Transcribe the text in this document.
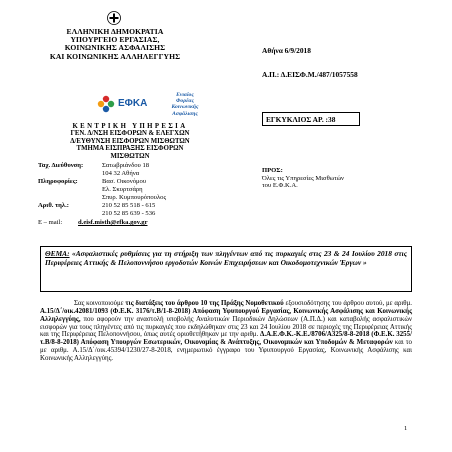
ΕΛΛΗΝΙΚΗ ΔΗΜΟΚΡΑΤΙΑ
ΥΠΟΥΡΓΕΙΟ ΕΡΓΑΣΙΑΣ,
ΚΟΙΝΩΝΙΚΗΣ ΑΣΦΑΛΙΣΗΣ
ΚΑΙ ΚΟΙΝΩΝΙΚΗΣ ΑΛΛΗΛΕΓΓΥΗΣ
Αθήνα 6/9/2018
Α.Π.: Δ.ΕΙΣΦ.Μ./487/1057558
ΕΦΚΑ
Ενιαίος
Φορέας
Κοινωνικής
Ασφάλισης
ΕΓΚΥΚΛΙΟΣ ΑΡ. :38
ΚΕΝΤΡΙΚΗ ΥΠΗΡΕΣΙΑ
ΓΕΝ. Δ/ΝΣΗ ΕΙΣΦΟΡΩΝ & ΕΛΕΓΧΩΝ
Δ/ΕΥΘΥΝΣΗ ΕΙΣΦΟΡΩΝ ΜΙΣΘΩΤΩΝ
ΤΜΗΜΑ ΕΙΣΠΡΑΞΗΣ ΕΙΣΦΟΡΩΝ
ΜΙΣΘΩΤΩΝ
Ταχ. Διεύθυνση:	Σατωβριάνδου 18
104 32 Αθήνα
Πληροφορίες:	Βασ. Οικονόμου
Ελ. Σκυρτσάρη
Σπυρ. Κυμπουρόπουλος
Αριθ. τηλ.:	210 52 85 518 - 615
210 52 85 639 - 536
E – mail: d.eisf.misth@efka.gov.gr
ΠΡΟΣ:
Όλες τις Υπηρεσίες Μισθωτών
του Ε.Φ.Κ.Α.
ΘΕΜΑ: «Ασφαλιστικές ρυθμίσεις για τη στήριξη των πληγέντων από τις πυρκαγιές στις 23 & 24 Ιουλίου 2018 στις Περιφέρειες Αττικής & Πελοποννήσου εργοδοτών Κοινών Επιχειρήσεων και Οικοδομοτεχνικών Έργων »
Σας κοινοποιούμε τις διατάξεις του άρθρου 10 της Πράξης Νομοθετικού εξουσιοδότησης του άρθρου αυτού, με αριθμ. Α.15/Δ΄/οικ.42081/1093 (Φ.Ε.Κ. 3176/τ.Β/1-8-2018) Απόφαση Υφυπουργού Εργασίας, Κοινωνικής Ασφάλισης και Κοινωνικής Αλληλεγγύης, που αφορούν την αναστολή υποβολής Αναλυτικών Περιοδικών Δηλώσεων (Α.Π.Δ.) και καταβολής ασφαλιστικών εισφορών για τους πληγέντες από τις πυρκαγιές που εκδηλώθηκαν στις 23 και 24 Ιουλίου 2018 σε περιοχές της Περιφέρειας Αττικής και της Περιφέρειας Πελοποννήσου, όπως αυτές οριοθετήθηκαν με την αριθμ. Δ.Α.Ε.Φ.Κ.-Κ.Ε./8706/Α325/8-8-2018 (Φ.Ε.Κ. 3255/τ.Β/8-8-2018) Απόφαση Υπουργών Εσωτερικών, Οικονομίας & Ανάπτυξης, Οικονομικών και Υποδομών & Μεταφορών και το με αριθμ. Α.15/Δ΄/οικ.45394/1230/27-8-2018, ενημερωτικό έγγραφο του Υφυπουργού Εργασίας, Κοινωνικής Ασφάλισης και Κοινωνικής Αλληλεγγύης.
1
